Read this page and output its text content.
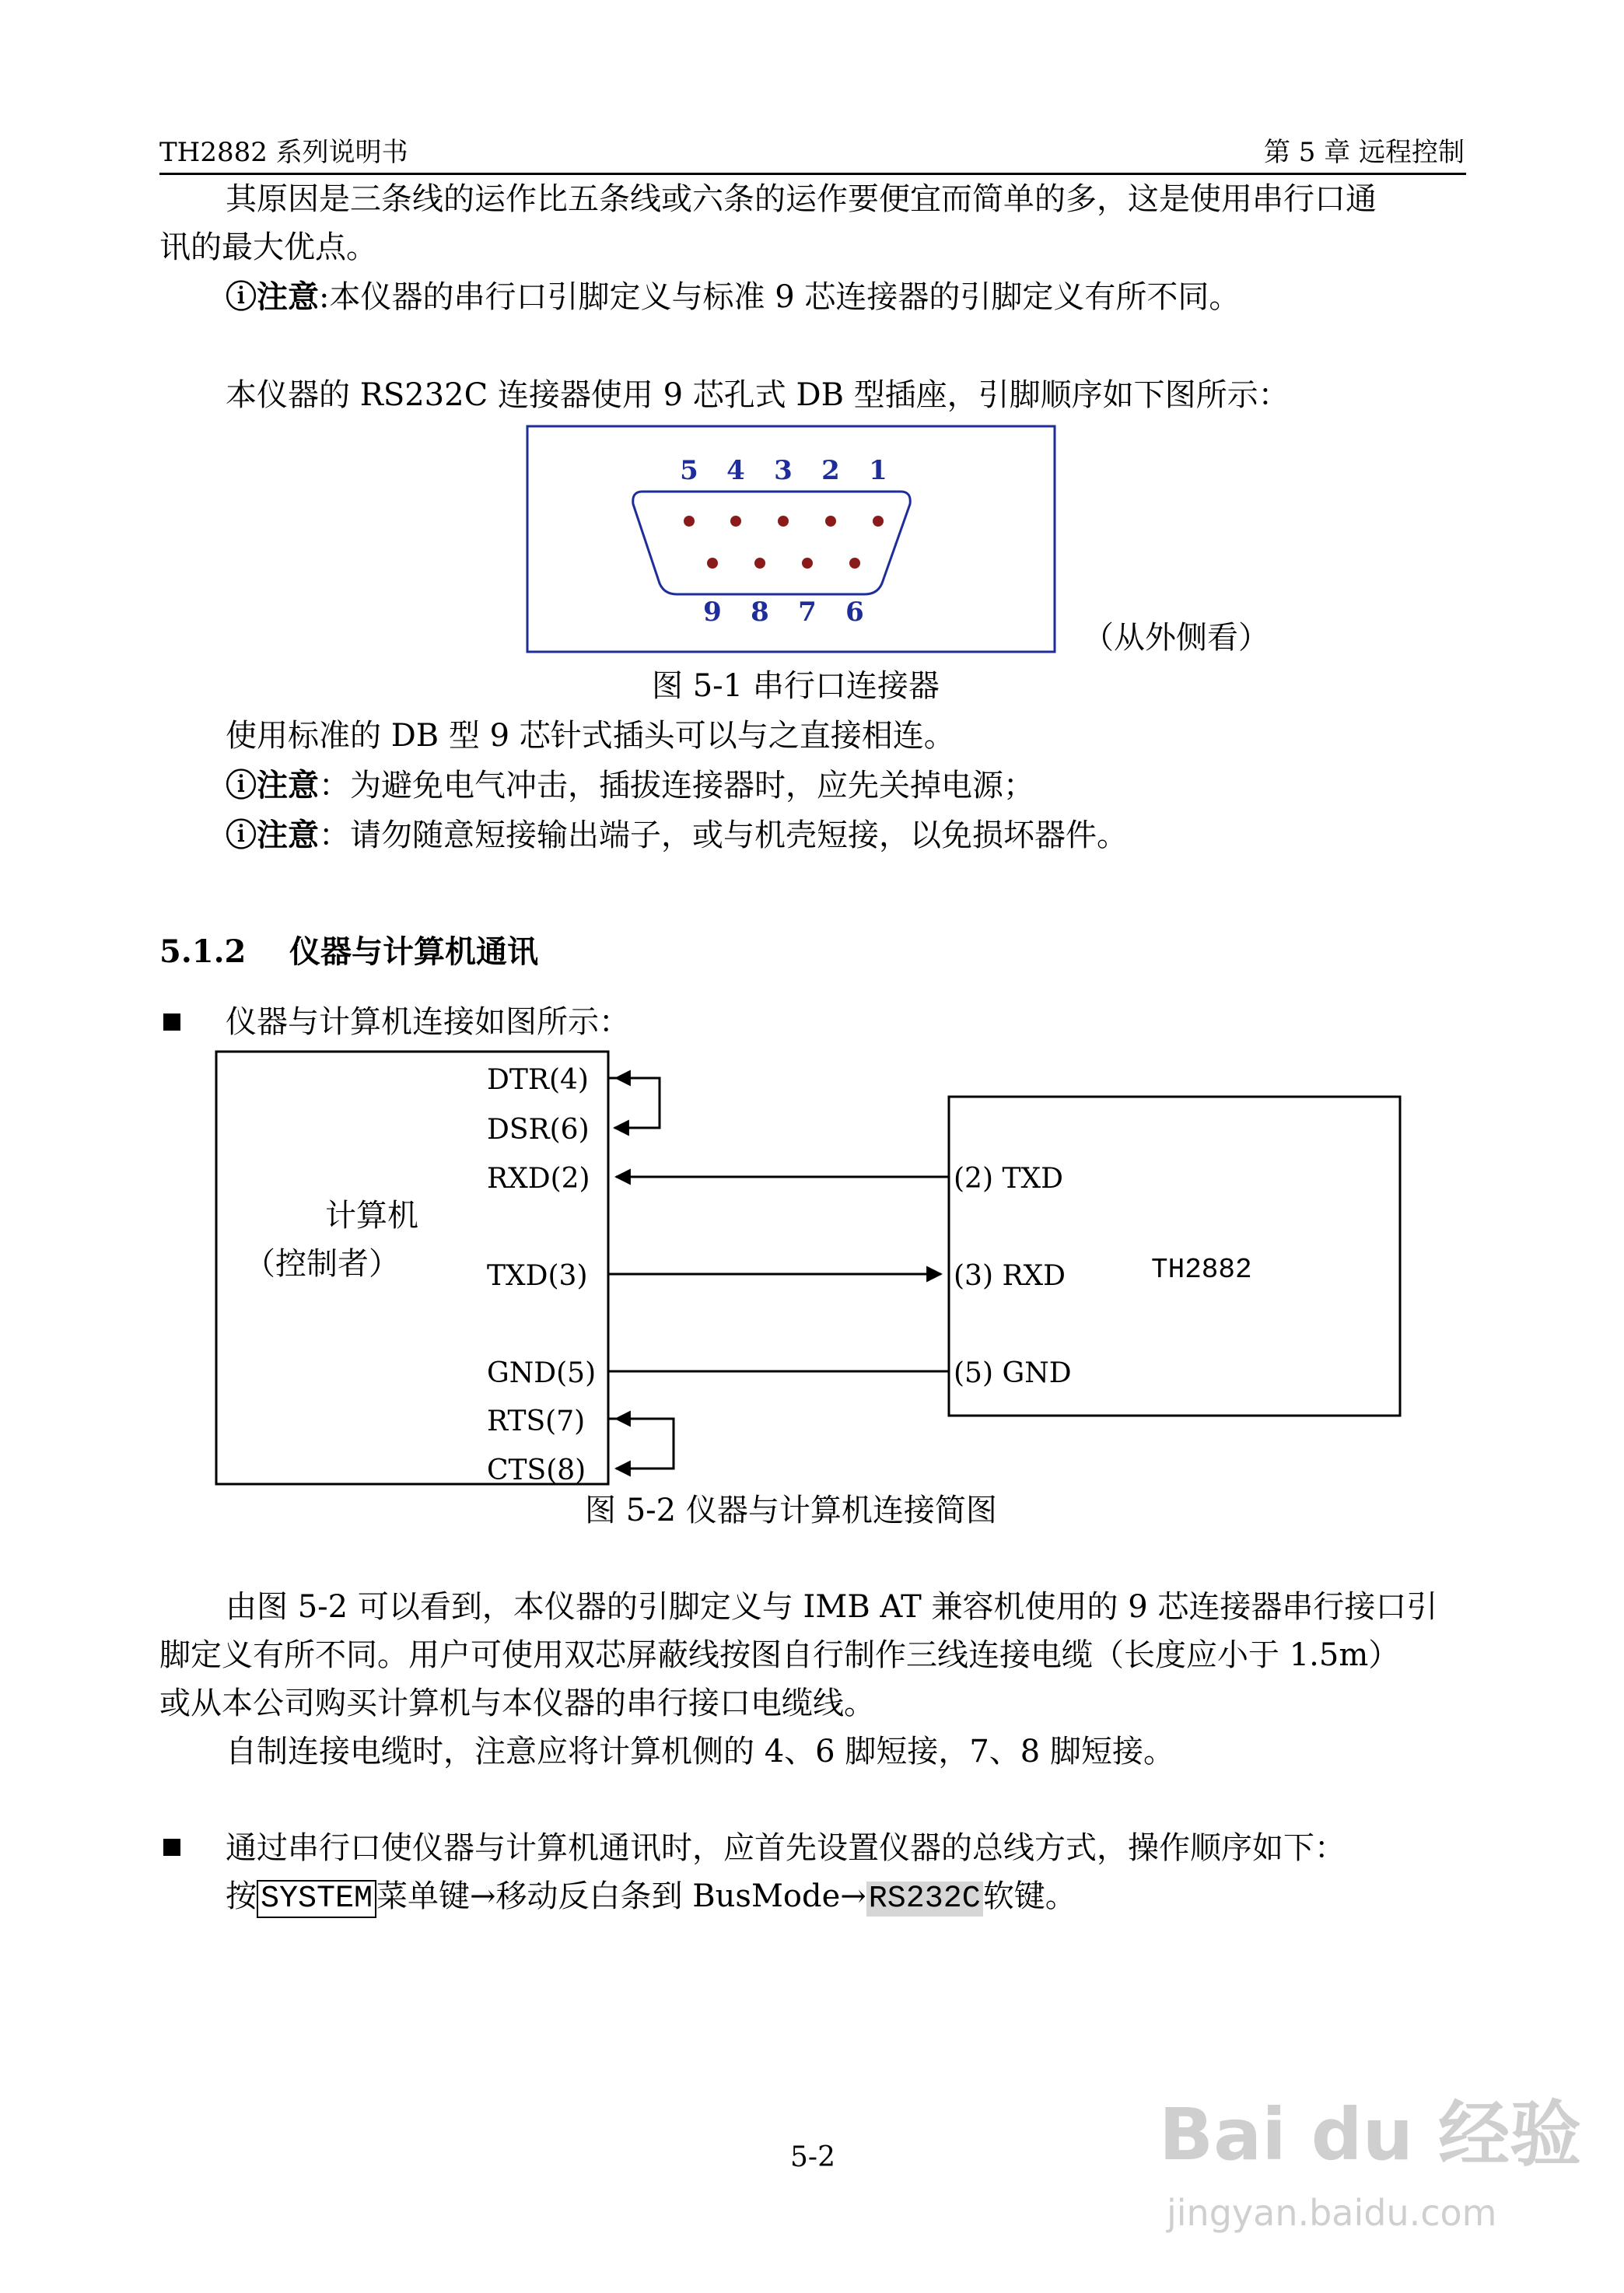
TH2882 系列说明书	第 5 章 远程控制
其原因是三条线的运作比五条线或六条的运作要便宜而简单的多，这是使用串行口通
讯的最大优点。
ⓘ注意:本仪器的串行口引脚定义与标准 9 芯连接器的引脚定义有所不同。
本仪器的 RS232C 连接器使用 9 芯孔式 DB 型插座，引脚顺序如下图所示：
5 4 3 2 1
9 8 7 6
（从外侧看）
图 5-1 串行口连接器
使用标准的 DB 型 9 芯针式插头可以与之直接相连。
ⓘ注意：为避免电气冲击，插拔连接器时，应先关掉电源；
ⓘ注意：请勿随意短接输出端子，或与机壳短接，以免损坏器件。
5.1.2 仪器与计算机通讯
仪器与计算机连接如图所示：
计算机
（控制者）
DTR(4)
DSR(6)
RXD(2)
TXD(3)
GND(5)
RTS(7)
CTS(8)
(2) TXD
(3) RXD
(5) GND
TH2882
图 5-2 仪器与计算机连接简图
由图 5-2 可以看到，本仪器的引脚定义与 IMB AT 兼容机使用的 9 芯连接器串行接口引
脚定义有所不同。用户可使用双芯屏蔽线按图自行制作三线连接电缆（长度应小于 1.5m）
或从本公司购买计算机与本仪器的串行接口电缆线。
自制连接电缆时，注意应将计算机侧的 4、6 脚短接，7、8 脚短接。
通过串行口使仪器与计算机通讯时，应首先设置仪器的总线方式，操作顺序如下：
按 SYSTEM 菜单键→移动反白条到 BusMode→RS232C软键。
5-2	Bai du 经验
jingyan.baidu.com
